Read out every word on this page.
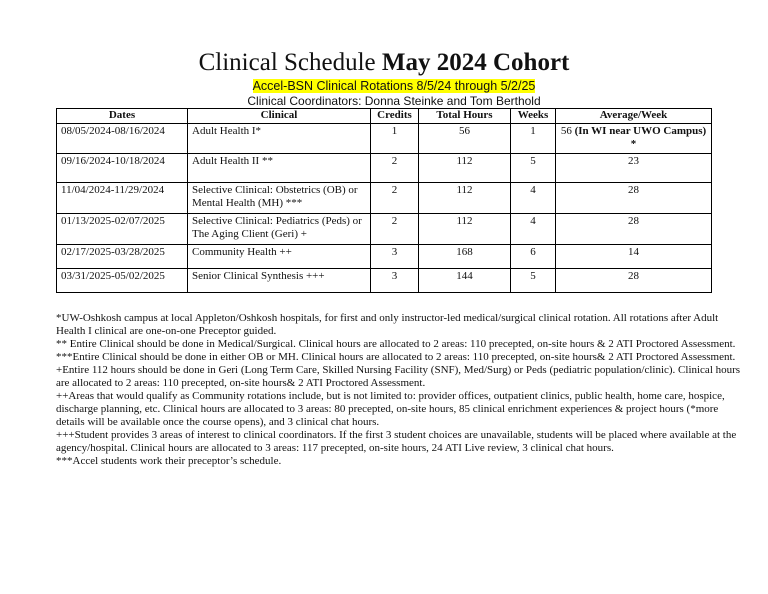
Clinical Schedule May 2024 Cohort
Accel-BSN Clinical Rotations 8/5/24 through 5/2/25
Clinical Coordinators: Donna Steinke and Tom Berthold
Dates	Clinical	Credits	Total Hours	Weeks	Average/Week
08/05/2024-08/16/2024	Adult Health I*	1	56	1	56 (In WI near UWO Campus) *
09/16/2024-10/18/2024	Adult Health II **	2	112	5	23
11/04/2024-11/29/2024	Selective Clinical: Obstetrics (OB) or Mental Health (MH) ***	2	112	4	28
01/13/2025-02/07/2025	Selective Clinical: Pediatrics (Peds) or The Aging Client (Geri) +	2	112	4	28
02/17/2025-03/28/2025	Community Health ++	3	168	6	14
03/31/2025-05/02/2025	Senior Clinical Synthesis +++	3	144	5	28

*UW-Oshkosh campus at local Appleton/Oshkosh hospitals, for first and only instructor-led medical/surgical clinical rotation. All rotations after Adult Health I clinical are one-on-one Preceptor guided.

** Entire Clinical should be done in Medical/Surgical. Clinical hours are allocated to 2 areas: 110 precepted, on-site hours & 2 ATI Proctored Assessment.

***Entire Clinical should be done in either OB or MH. Clinical hours are allocated to 2 areas: 110 precepted, on-site hours& 2 ATI Proctored Assessment.

+Entire 112 hours should be done in Geri (Long Term Care, Skilled Nursing Facility (SNF), Med/Surg) or Peds (pediatric population/clinic). Clinical hours are allocated to 2 areas: 110 precepted, on-site hours& 2 ATI Proctored Assessment.

++Areas that would qualify as Community rotations include, but is not limited to: provider offices, outpatient clinics, public health, home care, hospice, discharge planning, etc. Clinical hours are allocated to 3 areas: 80 precepted, on-site hours, 85 clinical enrichment experiences & project hours (*more details will be available once the course opens), and 3 clinical chat hours.

+++Student provides 3 areas of interest to clinical coordinators. If the first 3 student choices are unavailable, students will be placed where available at the agency/hospital. Clinical hours are allocated to 3 areas: 117 precepted, on-site hours, 24 ATI Live review, 3 clinical chat hours.

***Accel students work their preceptor’s schedule.
